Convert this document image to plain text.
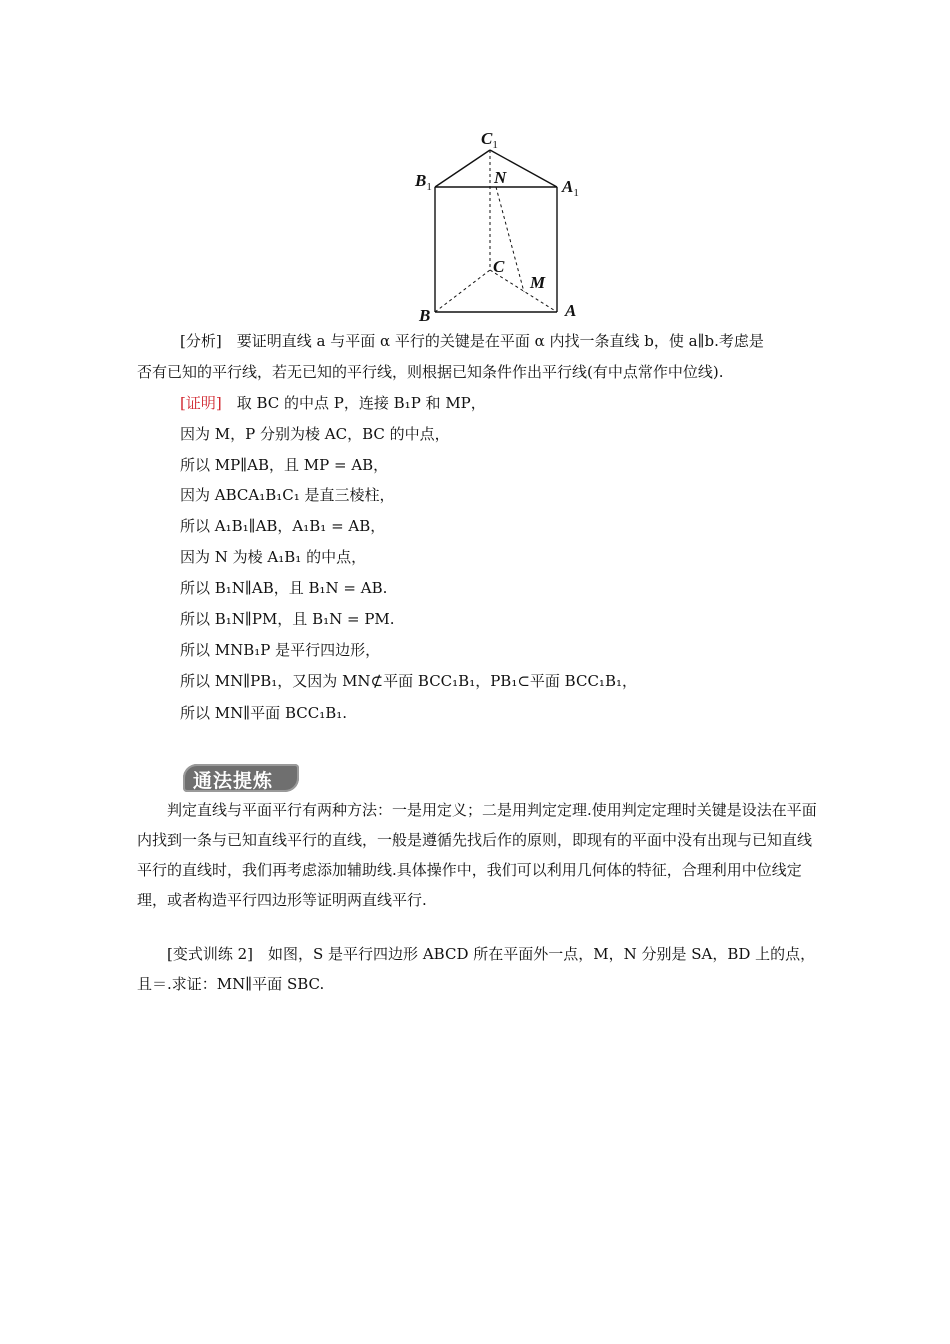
$C_1$
$B_1$	$A_1$
N
C
M
B	A
[分析]　要证明直线 a 与平面 α 平行的关键是在平面 α 内找一条直线 b，使 a∥b.考虑是
否有已知的平行线，若无已知的平行线，则根据已知条件作出平行线(有中点常作中位线).
[证明]　取 BC 的中点 P，连接 B₁P 和 MP，
因为 M，P 分别为棱 AC，BC 的中点，
所以 MP∥AB，且 MP = AB，
因为 ABCA₁B₁C₁ 是直三棱柱，
所以 A₁B₁∥AB，A₁B₁ = AB，
因为 N 为棱 A₁B₁ 的中点，
所以 B₁N∥AB，且 B₁N = AB.
所以 B₁N∥PM，且 B₁N = PM.
所以 MNB₁P 是平行四边形，
所以 MN∥PB₁，又因为 MN⊄平面 BCC₁B₁，PB₁⊂平面 BCC₁B₁，
所以 MN∥平面 BCC₁B₁.
通法提炼
　　判定直线与平面平行有两种方法：一是用定义；二是用判定定理.使用判定定理时关键是设法在平面内找到一条与已知直线平行的直线，一般是遵循先找后作的原则，即现有的平面中没有出现与已知直线平行的直线时，我们再考虑添加辅助线.具体操作中，我们可以利用几何体的特征，合理利用中位线定理，或者构造平行四边形等证明两直线平行.
　　[变式训练 2]　如图，S 是平行四边形 ABCD 所在平面外一点，M，N 分别是 SA，BD 上的点，且＝.求证：MN∥平面 SBC.
